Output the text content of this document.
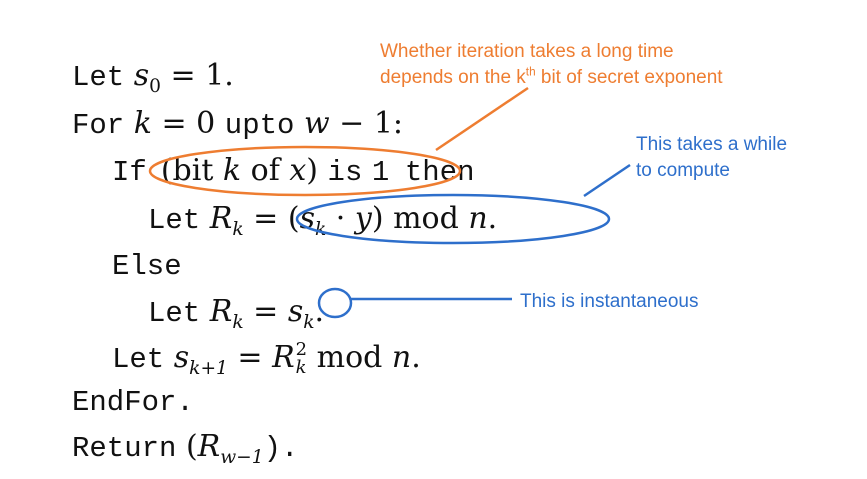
Let $s_0 = 1$.
For k = 0 upto w − 1:
If (bit k of x) is 1 then
Let $R_k = (s_k \cdot y)$ mod n.
Else
Let $R_k = s_k$.
Let $s_{k+1} = R$ 2
k mod n.
EndFor.
Return $(R_{w-1})$.
Whether iteration takes a long time
depends on the $k^{th}$ bit of secret exponent
This takes a while
to compute
This is instantaneous
